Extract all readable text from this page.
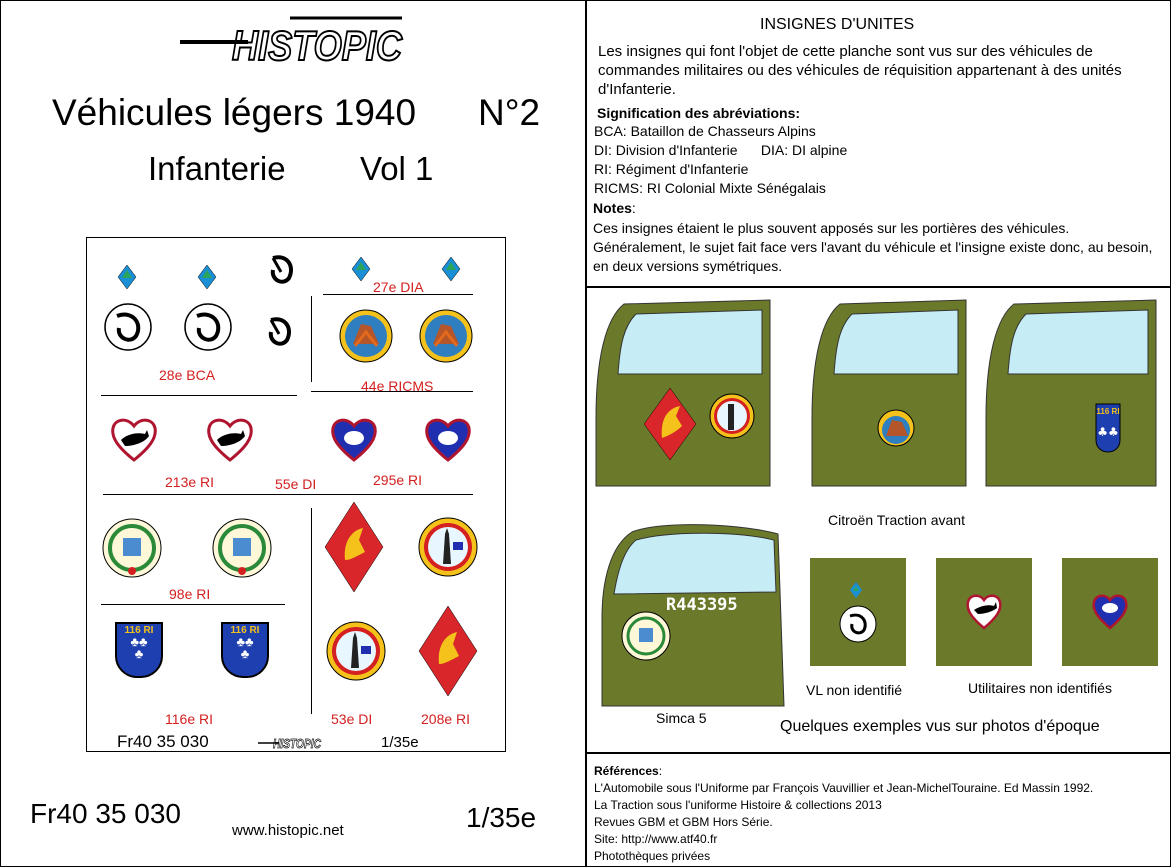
HISTOPIC
Véhicules légers 1940 N°2
Infanterie Vol 1
27e DIA
28e BCA
44e RICMS
213e RI	55e DI	295e RI
98e RI
116 RI
♣♣
♣
116 RI
♣♣
♣
116e RI	53e DI	208e RI
Fr40 35 030	HISTOPIC	1/35e
Fr40 35 030	1/35e
www.histopic.net
INSIGNES D'UNITES
Les insignes qui font l'objet de cette planche sont vus sur des véhicules de commandes militaires ou des véhicules de réquisition appartenant à des unités d'Infanterie.
Signification des abréviations:

BCA: Bataillon de Chasseurs Alpins

DI: Division d'Infanterie      DIA: DI alpine

RI: Régiment d'Infanterie

RICMS: RI Colonial Mixte Sénégalais

Notes:
Ces insignes étaient le plus souvent apposés sur les portières des véhicules. Généralement, le sujet fait face vers l'avant du véhicule et l'insigne existe donc, au besoin, en deux versions symétriques.
116 RI
♣♣
Citroën Traction avant
R443395
Simca 5
VL non identifié	Utilitaires non identifiés
Quelques exemples vus sur photos d'époque

Références:

L'Automobile sous l'Uniforme par François Vauvillier et Jean-MichelTouraine. Ed Massin 1992.

La Traction sous l'uniforme Histoire & collections 2013

Revues GBM et GBM Hors Série.

Site: http://www.atf40.fr

Photothèques privées
